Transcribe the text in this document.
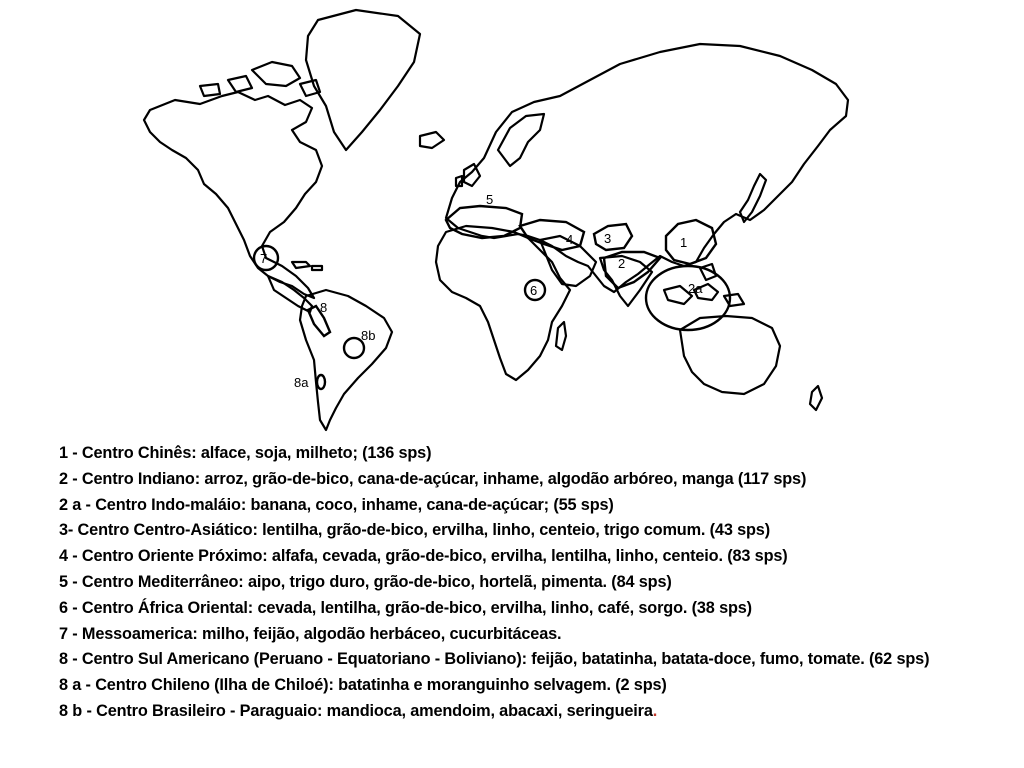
1
2
2a
3
4
5
6
7
8
8b
8a
1 - Centro Chinês: alface, soja, milheto; (136 sps)
2 - Centro Indiano: arroz, grão-de-bico, cana-de-açúcar, inhame, algodão arbóreo, manga (117 sps)
2 a - Centro Indo-maláio: banana, coco, inhame, cana-de-açúcar; (55 sps)
3- Centro Centro-Asiático: lentilha, grão-de-bico, ervilha, linho, centeio, trigo comum. (43 sps)
4 - Centro Oriente Próximo: alfafa, cevada, grão-de-bico, ervilha, lentilha, linho, centeio. (83 sps)
5 - Centro Mediterrâneo: aipo, trigo duro, grão-de-bico, hortelã, pimenta. (84 sps)
6 - Centro África Oriental: cevada, lentilha, grão-de-bico, ervilha, linho, café, sorgo. (38 sps)
7 - Messoamerica: milho, feijão, algodão herbáceo, cucurbitáceas.
8 - Centro Sul Americano (Peruano - Equatoriano - Boliviano): feijão, batatinha, batata-doce, fumo, tomate. (62 sps)
8 a - Centro Chileno (Ilha de Chiloé): batatinha e moranguinho selvagem. (2 sps)
8 b - Centro Brasileiro - Paraguaio: mandioca, amendoim, abacaxi, seringueira.
